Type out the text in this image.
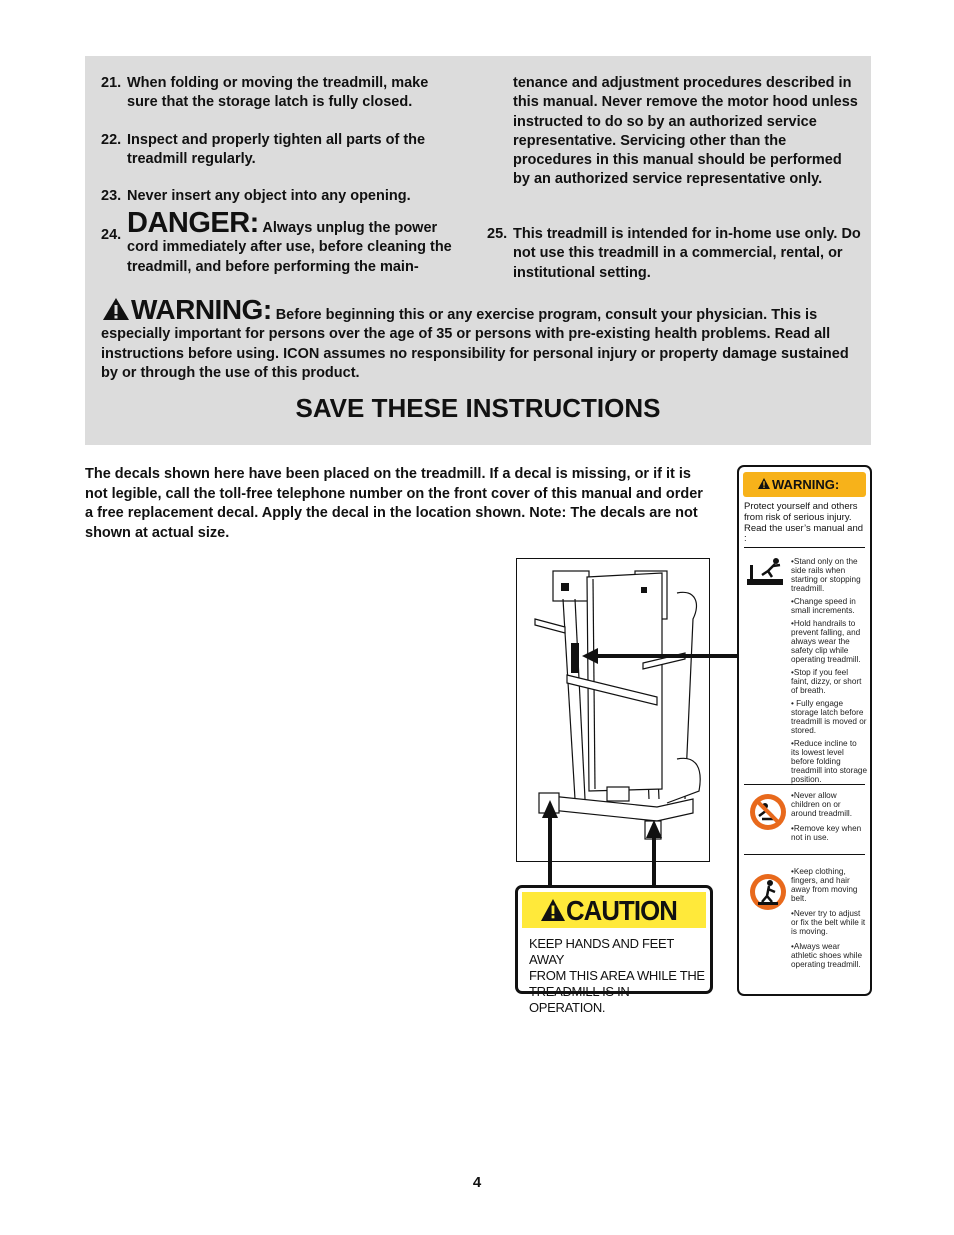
21. When folding or moving the treadmill, make sure that the storage latch is fully closed.
22. Inspect and properly tighten all parts of the treadmill regularly.
23. Never insert any object into any opening.
24. DANGER: Always unplug the power cord immediately after use, before cleaning the treadmill, and before performing the main-
tenance and adjustment procedures described in this manual. Never remove the motor hood unless instructed to do so by an authorized service representative. Servicing other than the procedures in this manual should be performed by an authorized service representative only.
25. This treadmill is intended for in-home use only. Do not use this treadmill in a commercial, rental, or institutional setting.
WARNING: Before beginning this or any exercise program, consult your physician. This is especially important for persons over the age of 35 or persons with pre-existing health problems. Read all instructions before using. ICON assumes no responsibility for personal injury or property damage sustained by or through the use of this product.
SAVE THESE INSTRUCTIONS
The decals shown here have been placed on the treadmill. If a decal is missing, or if it is not legible, call the toll-free telephone number on the front cover of this manual and order a free replacement decal. Apply the decal in the location shown. Note: The decals are not shown at actual size.
WARNING:
Protect yourself and others from risk of serious injury. Read the user’s manual and :
•Stand only on the side rails when starting or stopping treadmill.
•Change speed in small increments.
•Hold handrails to prevent falling, and always wear the safety clip while operating treadmill.
•Stop if you feel faint, dizzy, or short of breath.
• Fully engage storage latch before treadmill is moved or stored.
•Reduce incline to its lowest level before folding treadmill into storage position.
•Never allow children on or around treadmill.
•Remove key when not in use.
•Keep clothing, fingers, and hair away from moving belt.
•Never try to adjust or fix the belt while it is moving.
•Always wear athletic shoes while operating treadmill.
CAUTION
KEEP HANDS AND FEET AWAY
FROM THIS AREA WHILE THE
TREADMILL IS IN OPERATION.
4
